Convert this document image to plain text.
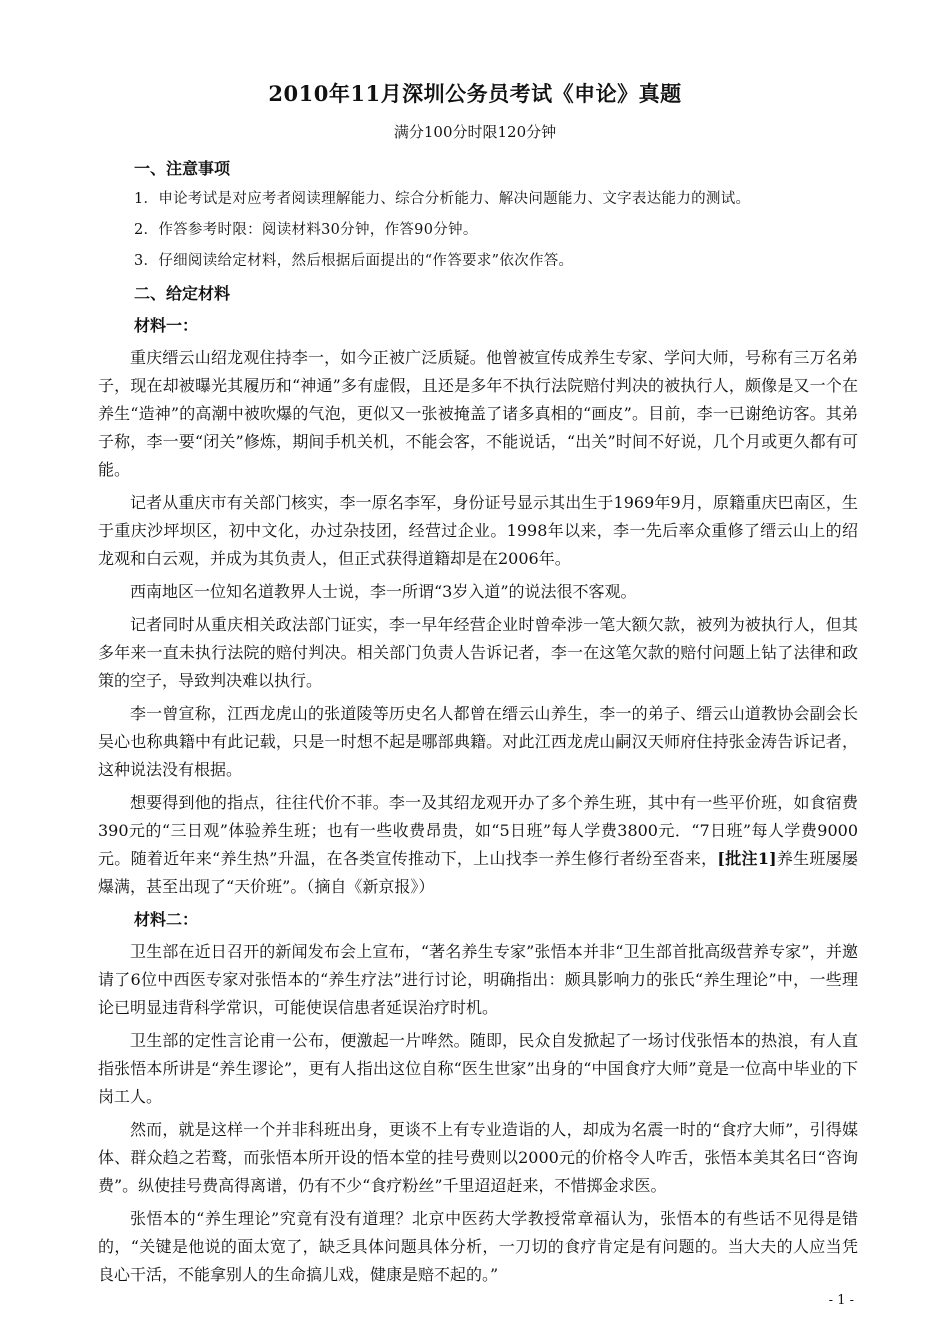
2010年11月深圳公务员考试《申论》真题
满分100分时限120分钟
一、注意事项
1．申论考试是对应考者阅读理解能力、综合分析能力、解决问题能力、文字表达能力的测试。
2．作答参考时限：阅读材料30分钟，作答90分钟。
3．仔细阅读给定材料，然后根据后面提出的“作答要求”依次作答。
二、给定材料
材料一：

重庆缙云山绍龙观住持李一，如今正被广泛质疑。他曾被宣传成养生专家、学问大师，号称有三万名弟子，现在却被曝光其履历和“神通”多有虚假，且还是多年不执行法院赔付判决的被执行人，颇像是又一个在养生“造神”的高潮中被吹爆的气泡，更似又一张被掩盖了诸多真相的“画皮”。目前，李一已谢绝访客。其弟子称，李一要“闭关”修炼，期间手机关机，不能会客，不能说话，“出关”时间不好说，几个月或更久都有可能。

记者从重庆市有关部门核实，李一原名李军，身份证号显示其出生于1969年9月，原籍重庆巴南区，生于重庆沙坪坝区，初中文化，办过杂技团，经营过企业。1998年以来，李一先后率众重修了缙云山上的绍龙观和白云观，并成为其负责人，但正式获得道籍却是在2006年。

西南地区一位知名道教界人士说，李一所谓“3岁入道”的说法很不客观。

记者同时从重庆相关政法部门证实，李一早年经营企业时曾牵涉一笔大额欠款，被列为被执行人，但其多年来一直未执行法院的赔付判决。相关部门负责人告诉记者，李一在这笔欠款的赔付问题上钻了法律和政策的空子，导致判决难以执行。

李一曾宣称，江西龙虎山的张道陵等历史名人都曾在缙云山养生，李一的弟子、缙云山道教协会副会长吴心也称典籍中有此记载，只是一时想不起是哪部典籍。对此江西龙虎山嗣汉天师府住持张金涛告诉记者，这种说法没有根据。

想要得到他的指点，往往代价不菲。李一及其绍龙观开办了多个养生班，其中有一些平价班，如食宿费390元的“三日观”体验养生班；也有一些收费昂贵，如“5日班”每人学费3800元．“7日班”每人学费9000元。随着近年来“养生热”升温，在各类宣传推动下，上山找李一养生修行者纷至沓来，[批注1]养生班屡屡爆满，甚至出现了“天价班”。（摘自《新京报》）

材料二：

卫生部在近日召开的新闻发布会上宣布，“著名养生专家”张悟本并非“卫生部首批高级营养专家”，并邀请了6位中西医专家对张悟本的“养生疗法”进行讨论，明确指出：颇具影响力的张氏“养生理论”中，一些理论已明显违背科学常识，可能使误信患者延误治疗时机。

卫生部的定性言论甫一公布，便激起一片哗然。随即，民众自发掀起了一场讨伐张悟本的热浪，有人直指张悟本所讲是“养生谬论”，更有人指出这位自称“医生世家”出身的“中国食疗大师”竟是一位高中毕业的下岗工人。

然而，就是这样一个并非科班出身，更谈不上有专业造诣的人，却成为名震一时的“食疗大师”，引得媒体、群众趋之若鹜，而张悟本所开设的悟本堂的挂号费则以2000元的价格令人咋舌，张悟本美其名曰“咨询费”。纵使挂号费高得离谱，仍有不少“食疗粉丝”千里迢迢赶来，不惜掷金求医。

张悟本的“养生理论”究竟有没有道理？北京中医药大学教授常章福认为，张悟本的有些话不见得是错的，“关键是他说的面太宽了，缺乏具体问题具体分析，一刀切的食疗肯定是有问题的。当大夫的人应当凭良心干活，不能拿别人的生命搞儿戏，健康是赔不起的。”

- 1 -
